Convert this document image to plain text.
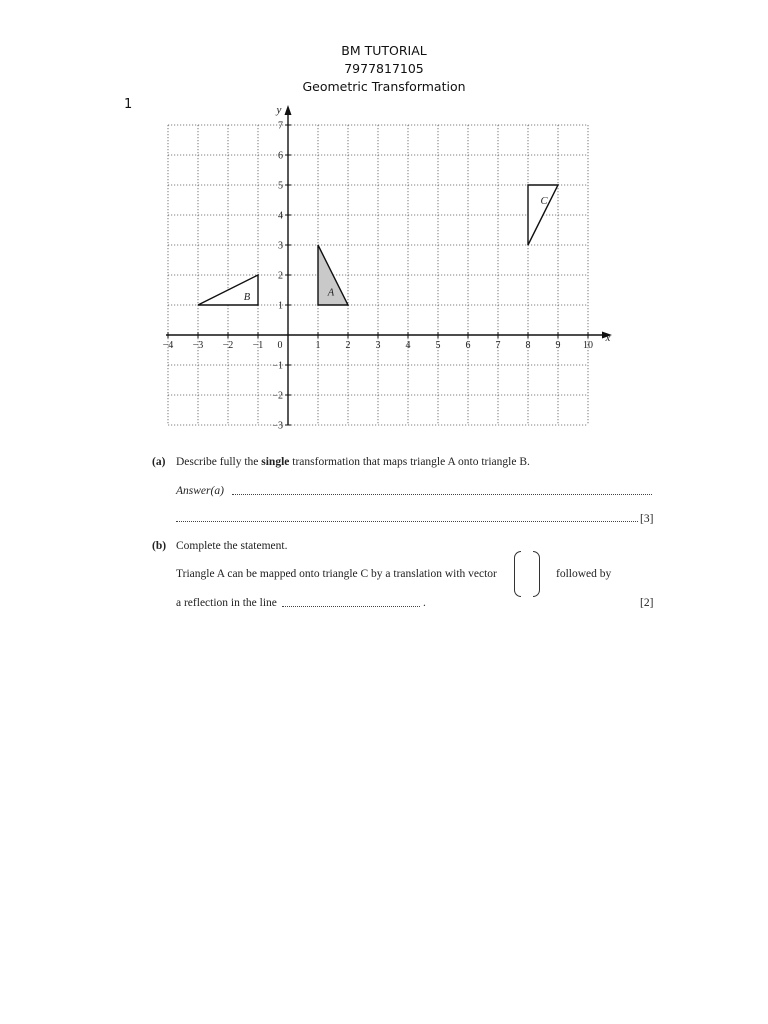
BM TUTORIAL
7977817105
Geometric Transformation
1
−4 −3 −2 −1	1	2	3	4	5	6	7	8	9 10
−3
−2
−1
1
2
3
4
5
6
7
0
x
y
A
B
C
(a) Describe fully the single transformation that maps triangle A onto triangle B.
Answer(a)
[3]
(b) Complete the statement.
Triangle A can be mapped onto triangle C by a translation with vector	followed by
a reflection in the line	.	[2]
